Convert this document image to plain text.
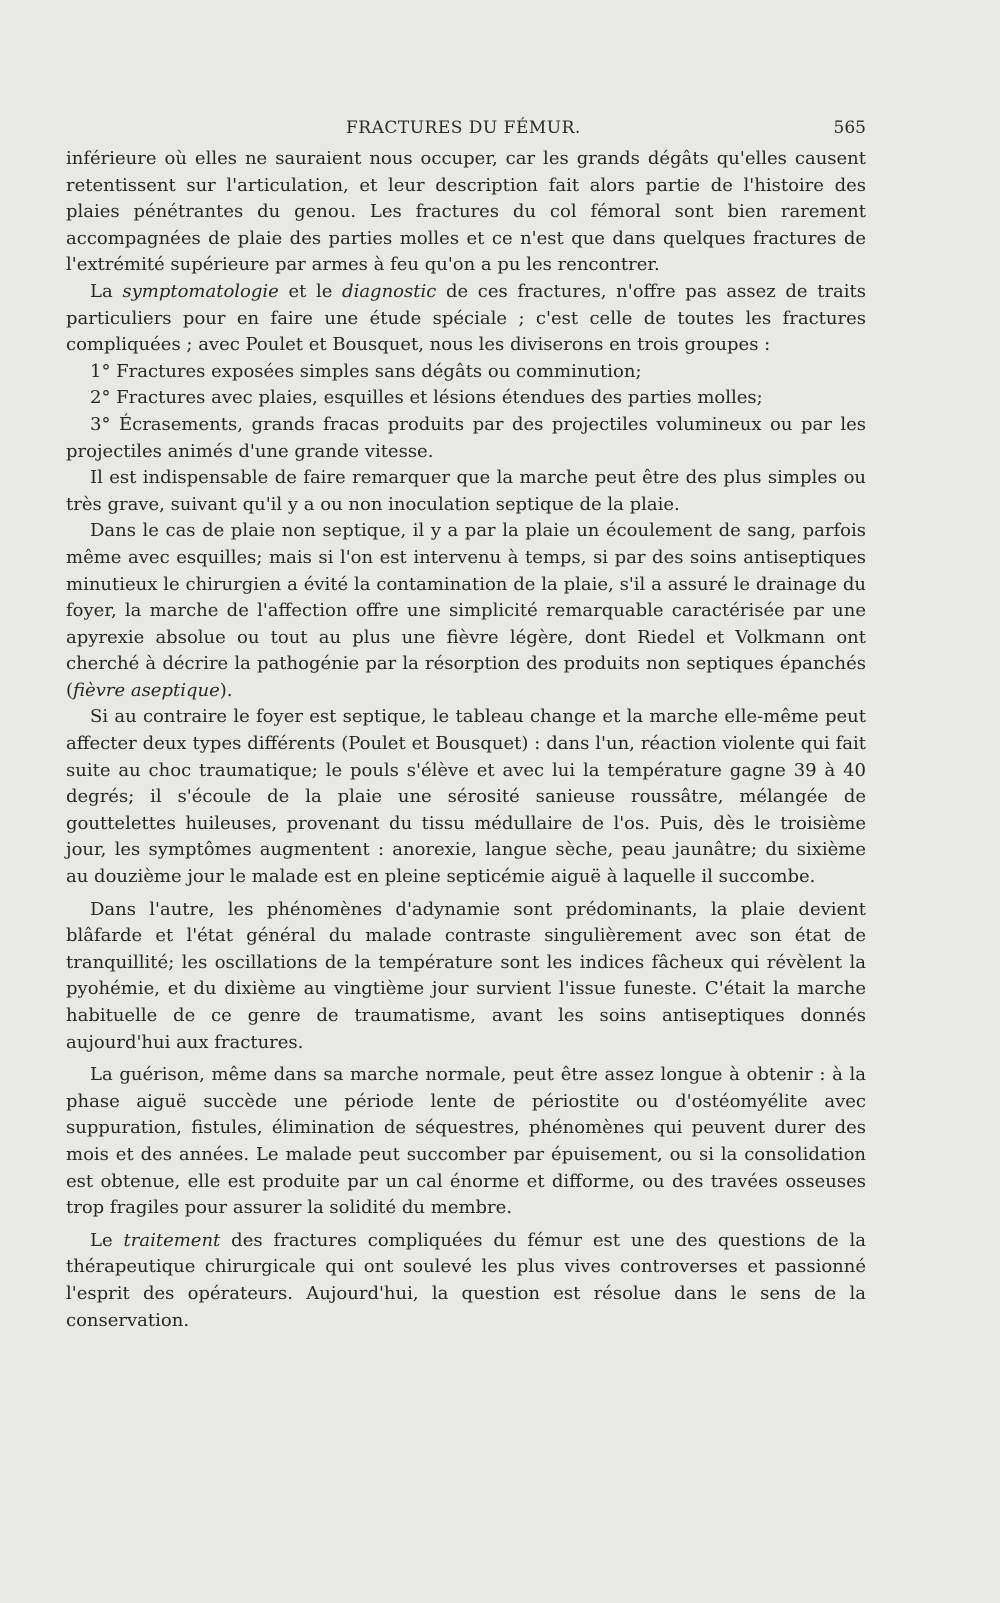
FRACTURES DU FÉMUR.	565

inférieure où elles ne sauraient nous occuper, car les grands dégâts qu'elles causent retentissent sur l'articulation, et leur description fait alors partie de l'histoire des plaies pénétrantes du genou. Les fractures du col fémoral sont bien rarement accompagnées de plaie des parties molles et ce n'est que dans quelques fractures de l'extrémité supérieure par armes à feu qu'on a pu les rencontrer.

La symptomatologie et le diagnostic de ces fractures, n'offre pas assez de traits particuliers pour en faire une étude spéciale ; c'est celle de toutes les fractures compliquées ; avec Poulet et Bousquet, nous les diviserons en trois groupes :

1° Fractures exposées simples sans dégâts ou comminution;

2° Fractures avec plaies, esquilles et lésions étendues des parties molles;

3° Écrasements, grands fracas produits par des projectiles volumineux ou par les projectiles animés d'une grande vitesse.

Il est indispensable de faire remarquer que la marche peut être des plus simples ou très grave, suivant qu'il y a ou non inoculation septique de la plaie.

Dans le cas de plaie non septique, il y a par la plaie un écoulement de sang, parfois même avec esquilles; mais si l'on est intervenu à temps, si par des soins antiseptiques minutieux le chirurgien a évité la contamination de la plaie, s'il a assuré le drainage du foyer, la marche de l'affection offre une simplicité remarquable caractérisée par une apyrexie absolue ou tout au plus une fièvre légère, dont Riedel et Volkmann ont cherché à décrire la pathogénie par la résorption des produits non septiques épanchés (fièvre aseptique).

Si au contraire le foyer est septique, le tableau change et la marche elle-même peut affecter deux types différents (Poulet et Bousquet) : dans l'un, réaction violente qui fait suite au choc traumatique; le pouls s'élève et avec lui la température gagne 39 à 40 degrés; il s'écoule de la plaie une sérosité sanieuse roussâtre, mélangée de gouttelettes huileuses, provenant du tissu médullaire de l'os. Puis, dès le troisième jour, les symptômes augmentent : anorexie, langue sèche, peau jaunâtre; du sixième au douzième jour le malade est en pleine septicémie aiguë à laquelle il succombe.

Dans l'autre, les phénomènes d'adynamie sont prédominants, la plaie devient blâfarde et l'état général du malade contraste singulièrement avec son état de tranquillité; les oscillations de la température sont les indices fâcheux qui révèlent la pyohémie, et du dixième au vingtième jour survient l'issue funeste. C'était la marche habituelle de ce genre de traumatisme, avant les soins antiseptiques donnés aujourd'hui aux fractures.

La guérison, même dans sa marche normale, peut être assez longue à obtenir : à la phase aiguë succède une période lente de périostite ou d'ostéomyélite avec suppuration, fistules, élimination de séquestres, phénomènes qui peuvent durer des mois et des années. Le malade peut succomber par épuisement, ou si la consolidation est obtenue, elle est produite par un cal énorme et difforme, ou des travées osseuses trop fragiles pour assurer la solidité du membre.

Le traitement des fractures compliquées du fémur est une des questions de la thérapeutique chirurgicale qui ont soulevé les plus vives controverses et passionné l'esprit des opérateurs. Aujourd'hui, la question est résolue dans le sens de la conservation.
